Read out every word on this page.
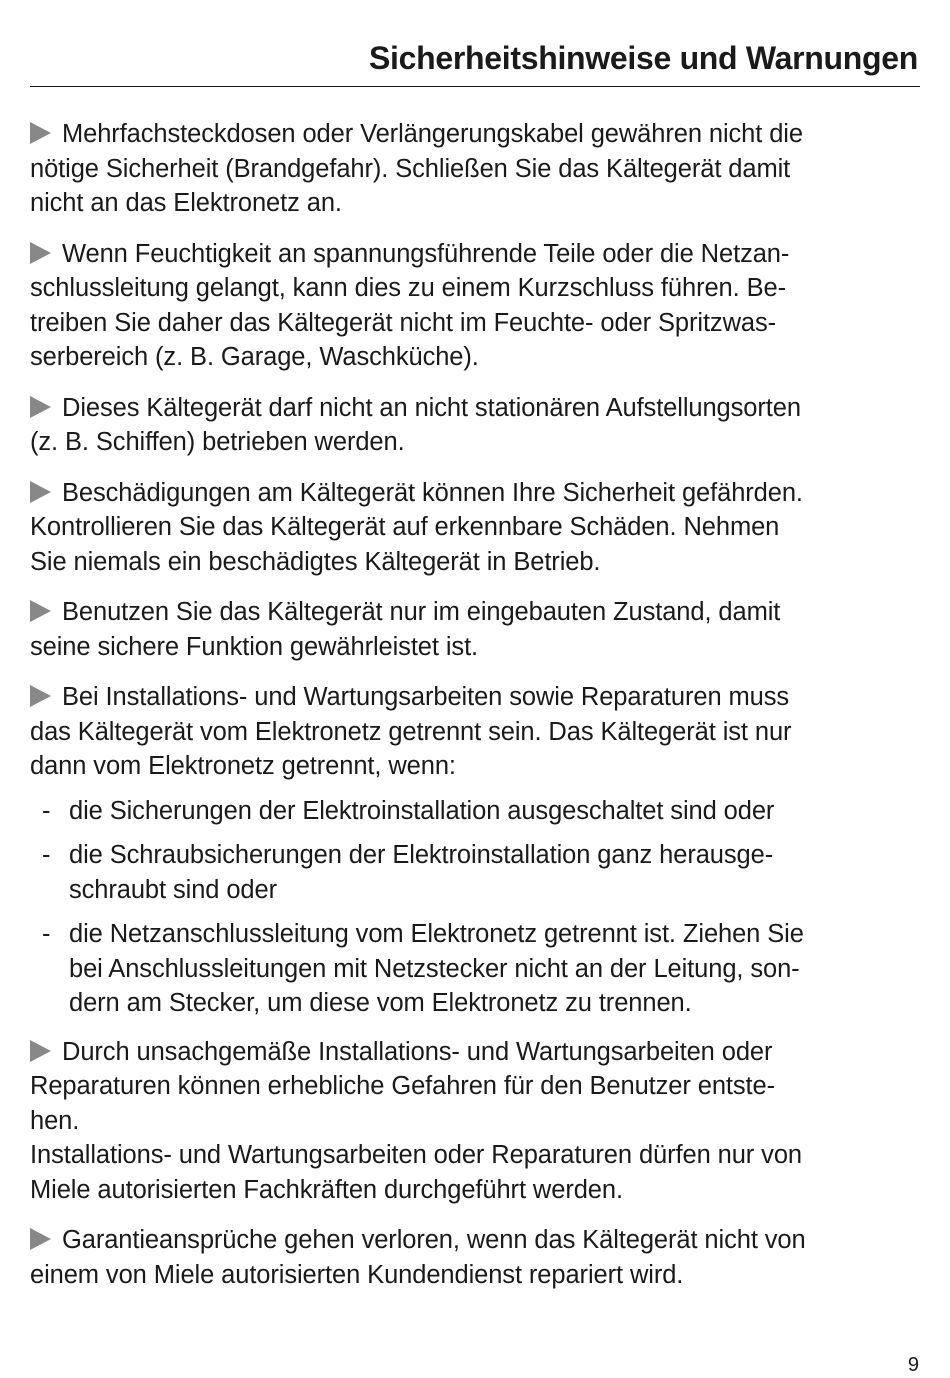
Sicherheitshinweise und Warnungen
Mehrfachsteckdosen oder Verlängerungskabel gewähren nicht die
nötige Sicherheit (Brandgefahr). Schließen Sie das Kältegerät damit
nicht an das Elektronetz an.
Wenn Feuchtigkeit an spannungsführende Teile oder die Netzan-
schlussleitung gelangt, kann dies zu einem Kurzschluss führen. Be-
treiben Sie daher das Kältegerät nicht im Feuchte- oder Spritzwas-
serbereich (z. B. Garage, Waschküche).
Dieses Kältegerät darf nicht an nicht stationären Aufstellungsorten
(z. B. Schiffen) betrieben werden.
Beschädigungen am Kältegerät können Ihre Sicherheit gefährden.
Kontrollieren Sie das Kältegerät auf erkennbare Schäden. Nehmen
Sie niemals ein beschädigtes Kältegerät in Betrieb.
Benutzen Sie das Kältegerät nur im eingebauten Zustand, damit
seine sichere Funktion gewährleistet ist.
Bei Installations- und Wartungsarbeiten sowie Reparaturen muss
das Kältegerät vom Elektronetz getrennt sein. Das Kältegerät ist nur
dann vom Elektronetz getrennt, wenn:
- die Sicherungen der Elektroinstallation ausgeschaltet sind oder
- die Schraubsicherungen der Elektroinstallation ganz herausge-
schraubt sind oder
- die Netzanschlussleitung vom Elektronetz getrennt ist. Ziehen Sie
bei Anschlussleitungen mit Netzstecker nicht an der Leitung, son-
dern am Stecker, um diese vom Elektronetz zu trennen.
Durch unsachgemäße Installations- und Wartungsarbeiten oder
Reparaturen können erhebliche Gefahren für den Benutzer entste-
hen.
Installations- und Wartungsarbeiten oder Reparaturen dürfen nur von
Miele autorisierten Fachkräften durchgeführt werden.
Garantieansprüche gehen verloren, wenn das Kältegerät nicht von
einem von Miele autorisierten Kundendienst repariert wird.
9
